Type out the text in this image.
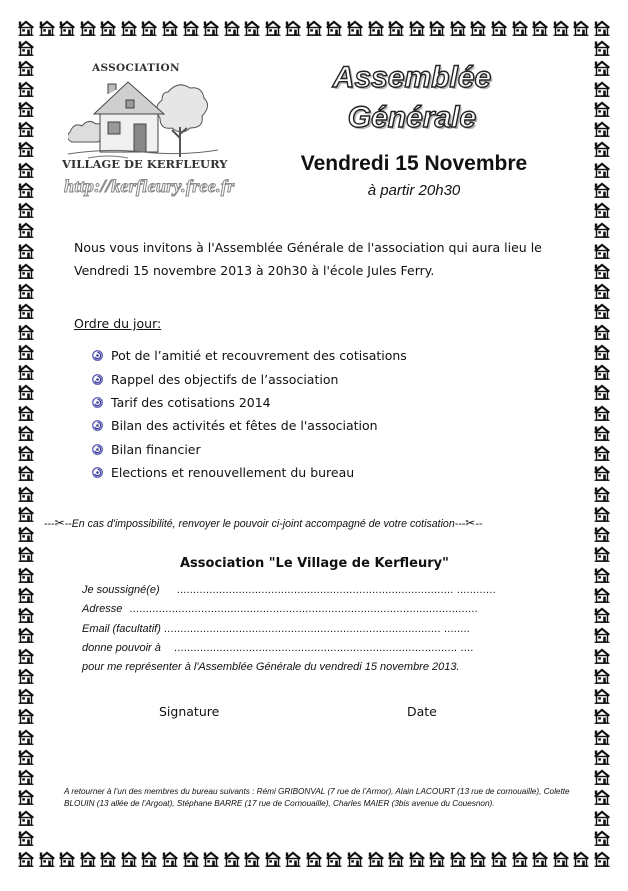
ASSOCIATION
VILLAGE DE KERFLEURY
http://kerfleury.free.fr
Assemblée
Générale
Vendredi 15 Novembre
à partir 20h30
Nous vous invitons à l'Assemblée Générale de l'association qui aura lieu le
Vendredi 15 novembre 2013 à 20h30 à l'école Jules Ferry.
Ordre du jour:
Pot de l’amitié et recouvrement des cotisations
Rappel des objectifs de l’association
Tarif des cotisations 2014
Bilan des activités et fêtes de l'association
Bilan financier
Elections et renouvellement du bureau
---✂--En cas d'impossibilité, renvoyer le pouvoir ci-joint accompagné de votre cotisation---✂--
Association "Le Village de Kerfleury"
Je soussigné(e) ..................................................................................... ............
Adresse ...........................................................................................................
Email (facultatif) ..................................................................................... ........
donne pouvoir à ....................................................................................... ....
pour me représenter à l'Assemblée Générale du vendredi 15 novembre 2013.
Signature	Date
A retourner à l’un des membres du bureau suivants : Rémi GRIBONVAL (7 rue de l’Armor), Alain LACOURT (13 rue de cornouaille), Colette BLOUIN (13 allée de l’Argoat), Stéphane BARRE (17 rue de Cornouaille), Charles MAIER (3bis avenue du Couesnon).
